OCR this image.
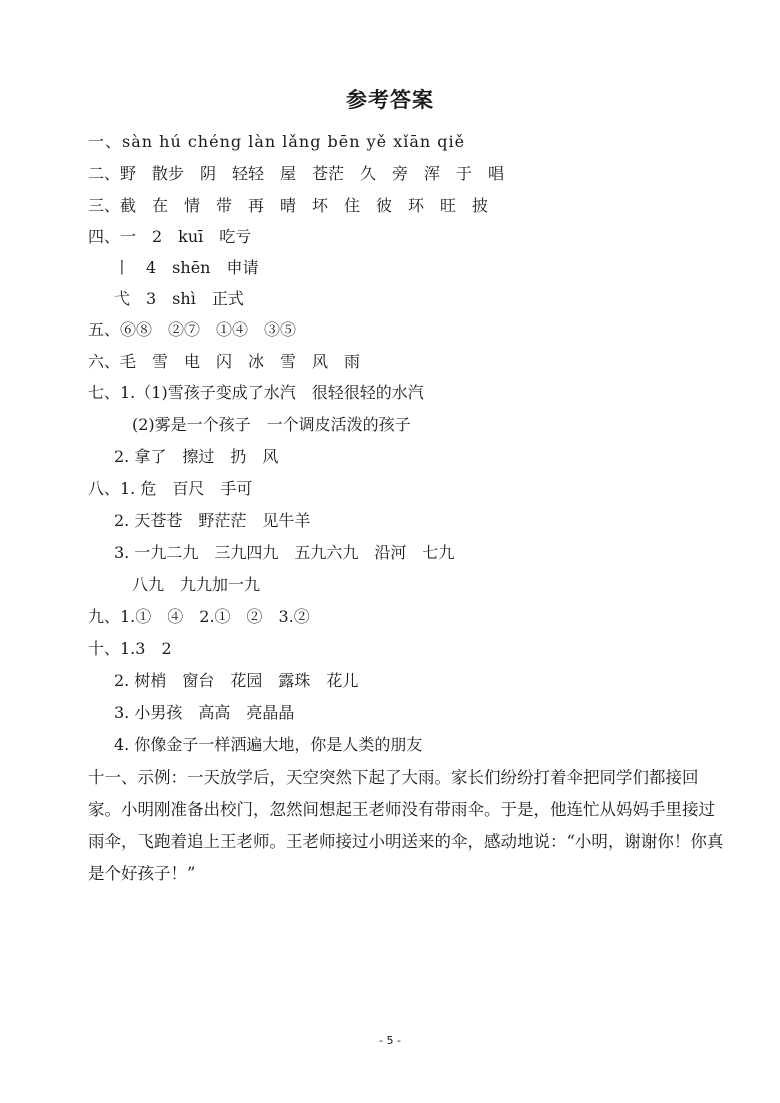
参考答案
一、sàn hú chéng làn lǎng bēn yě xǐān qiě
二、野　散步　阴　轻轻　屋　苍茫　久　旁　浑　于　唱
三、截　在　情　带　再　晴　坏　住　彼　环　旺　披
四、一　2　kuī　吃亏
丨　4　shēn　申请
弋　3　shì　正式
五、⑥⑧　②⑦　①④　③⑤
六、毛　雪　电　闪　冰　雪　风　雨
七、1.（1)雪孩子变成了水汽　很轻很轻的水汽
(2)雾是一个孩子　一个调皮活泼的孩子
2. 拿了　擦过　扔　风
八、1. 危　百尺　手可
2. 天苍苍　野茫茫　见牛羊
3. 一九二九　三九四九　五九六九　沿河　七九
八九　九九加一九
九、1.①　④　2.①　②　3.②
十、1.3　2
2. 树梢　窗台　花园　露珠　花儿
3. 小男孩　高高　亮晶晶
4. 你像金子一样洒遍大地，你是人类的朋友
十一、示例：一天放学后，天空突然下起了大雨。家长们纷纷打着伞把同学们都接回家。小明刚准备出校门，忽然间想起王老师没有带雨伞。于是，他连忙从妈妈手里接过雨伞，飞跑着追上王老师。王老师接过小明送来的伞，感动地说：“小明，谢谢你！你真是个好孩子！”
- 5 -
